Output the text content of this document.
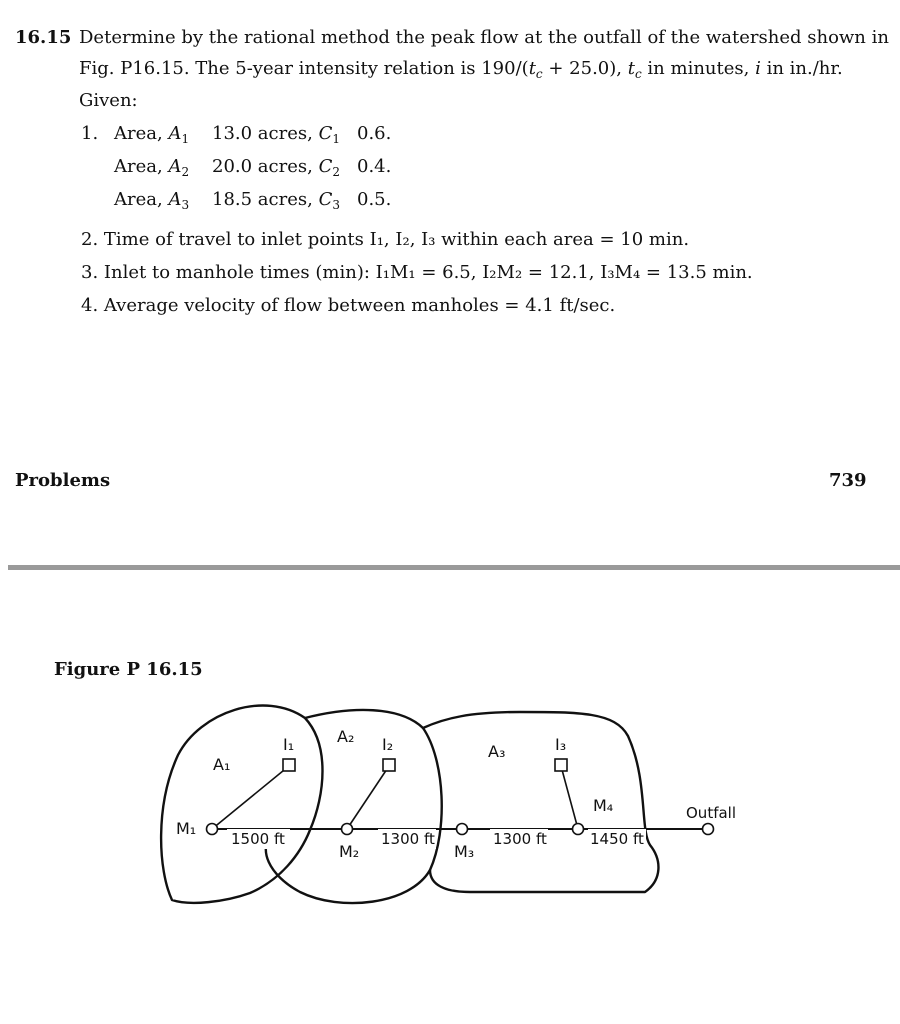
16.15 Determine by the rational method the peak flow at the outfall of the watershed shown in
Fig. P16.15. The 5-year intensity relation is $190/(t_c + 25.0)$, $t_c$ in minutes, i in in./hr.
Given:
1. Area, $A_1$ 13.0 acres, $C_1$ 0.6.
Area, $A_2$ 20.0 acres, $C_2$ 0.4.
Area, $A_3$ 18.5 acres, $C_3$ 0.5.
2. Time of travel to inlet points I₁, I₂, I₃ within each area = 10 min.
3. Inlet to manhole times (min): I₁M₁ = 6.5, I₂M₂ = 12.1, I₃M₄ = 13.5 min.
4. Average velocity of flow between manholes = 4.1 ft/sec.
Problems	739
Figure P 16.15
1500 ft	1300 ft	1300 ft	1450 ft
A₁
A₂
A₃
I₁	I₂	I₃
M₁
M₂	M₃
M₄	Outfall
